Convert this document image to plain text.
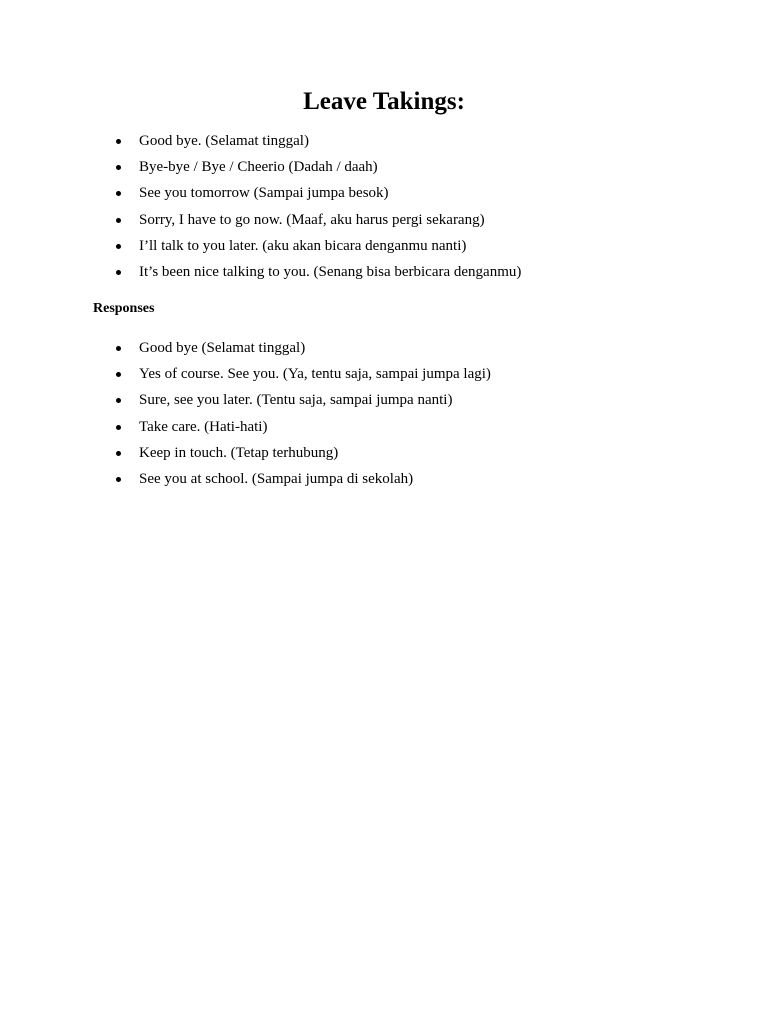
Leave Takings:
Good bye. (Selamat tinggal)
Bye-bye / Bye / Cheerio (Dadah / daah)
See you tomorrow (Sampai jumpa besok)
Sorry, I have to go now. (Maaf, aku harus pergi sekarang)
I’ll talk to you later. (aku akan bicara denganmu nanti)
It’s been nice talking to you. (Senang bisa berbicara denganmu)
Responses
Good bye (Selamat tinggal)
Yes of course. See you. (Ya, tentu saja, sampai jumpa lagi)
Sure, see you later. (Tentu saja, sampai jumpa nanti)
Take care. (Hati-hati)
Keep in touch. (Tetap terhubung)
See you at school. (Sampai jumpa di sekolah)
